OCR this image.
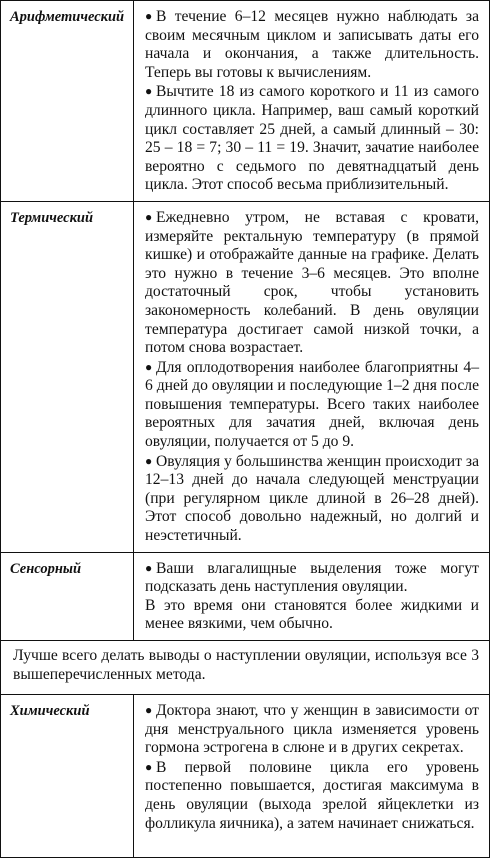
Арифметический	● В течение 6–12 месяцев нужно наблюдать за своим месячным циклом и записывать даты его начала и окончания, а также длительность. Теперь вы готовы к вычислениям.
● Вычтите 18 из самого короткого и 11 из самого длинного цикла. Например, ваш самый короткий цикл составляет 25 дней, а самый длинный – 30: 25 – 18 = 7; 30 – 11 = 19. Значит, зачатие наиболее вероятно с седьмого по девятнадцатый день цикла. Этот способ весьма приблизительный.

Термический	● Ежедневно утром, не вставая с кровати, измеряйте ректальную температуру (в прямой кишке) и отображайте данные на графике. Делать это нужно в течение 3–6 месяцев. Это вполне достаточный срок, чтобы установить закономерность колебаний. В день овуляции температура достигает самой низкой точки, а потом снова возрастает.
● Для оплодотворения наиболее благоприятны 4–6 дней до овуляции и последующие 1–2 дня после повышения температуры. Всего таких наиболее вероятных для зачатия дней, включая день овуляции, получается от 5 до 9.
● Овуляция у большинства женщин происходит за 12–13 дней до начала следующей менструации (при регулярном цикле длиной в 26–28 дней). Этот способ довольно надежный, но долгий и неэстетичный.

Сенсорный	● Ваши влагалищные выделения тоже могут подсказать день наступления овуляции.
В это время они становятся более жидкими и менее вязкими, чем обычно.

Лучше всего делать выводы о наступлении овуляции, используя все 3 вышеперечисленных метода.	

Химический	● Доктора знают, что у женщин в зависимости от дня менструального цикла изменяется уровень гормона эстрогена в слюне и в других секретах.
● В первой половине цикла его уровень постепенно повышается, достигая максимума в день овуляции (выхода зрелой яйцеклетки из фолликула яичника), а затем начинает снижаться.
